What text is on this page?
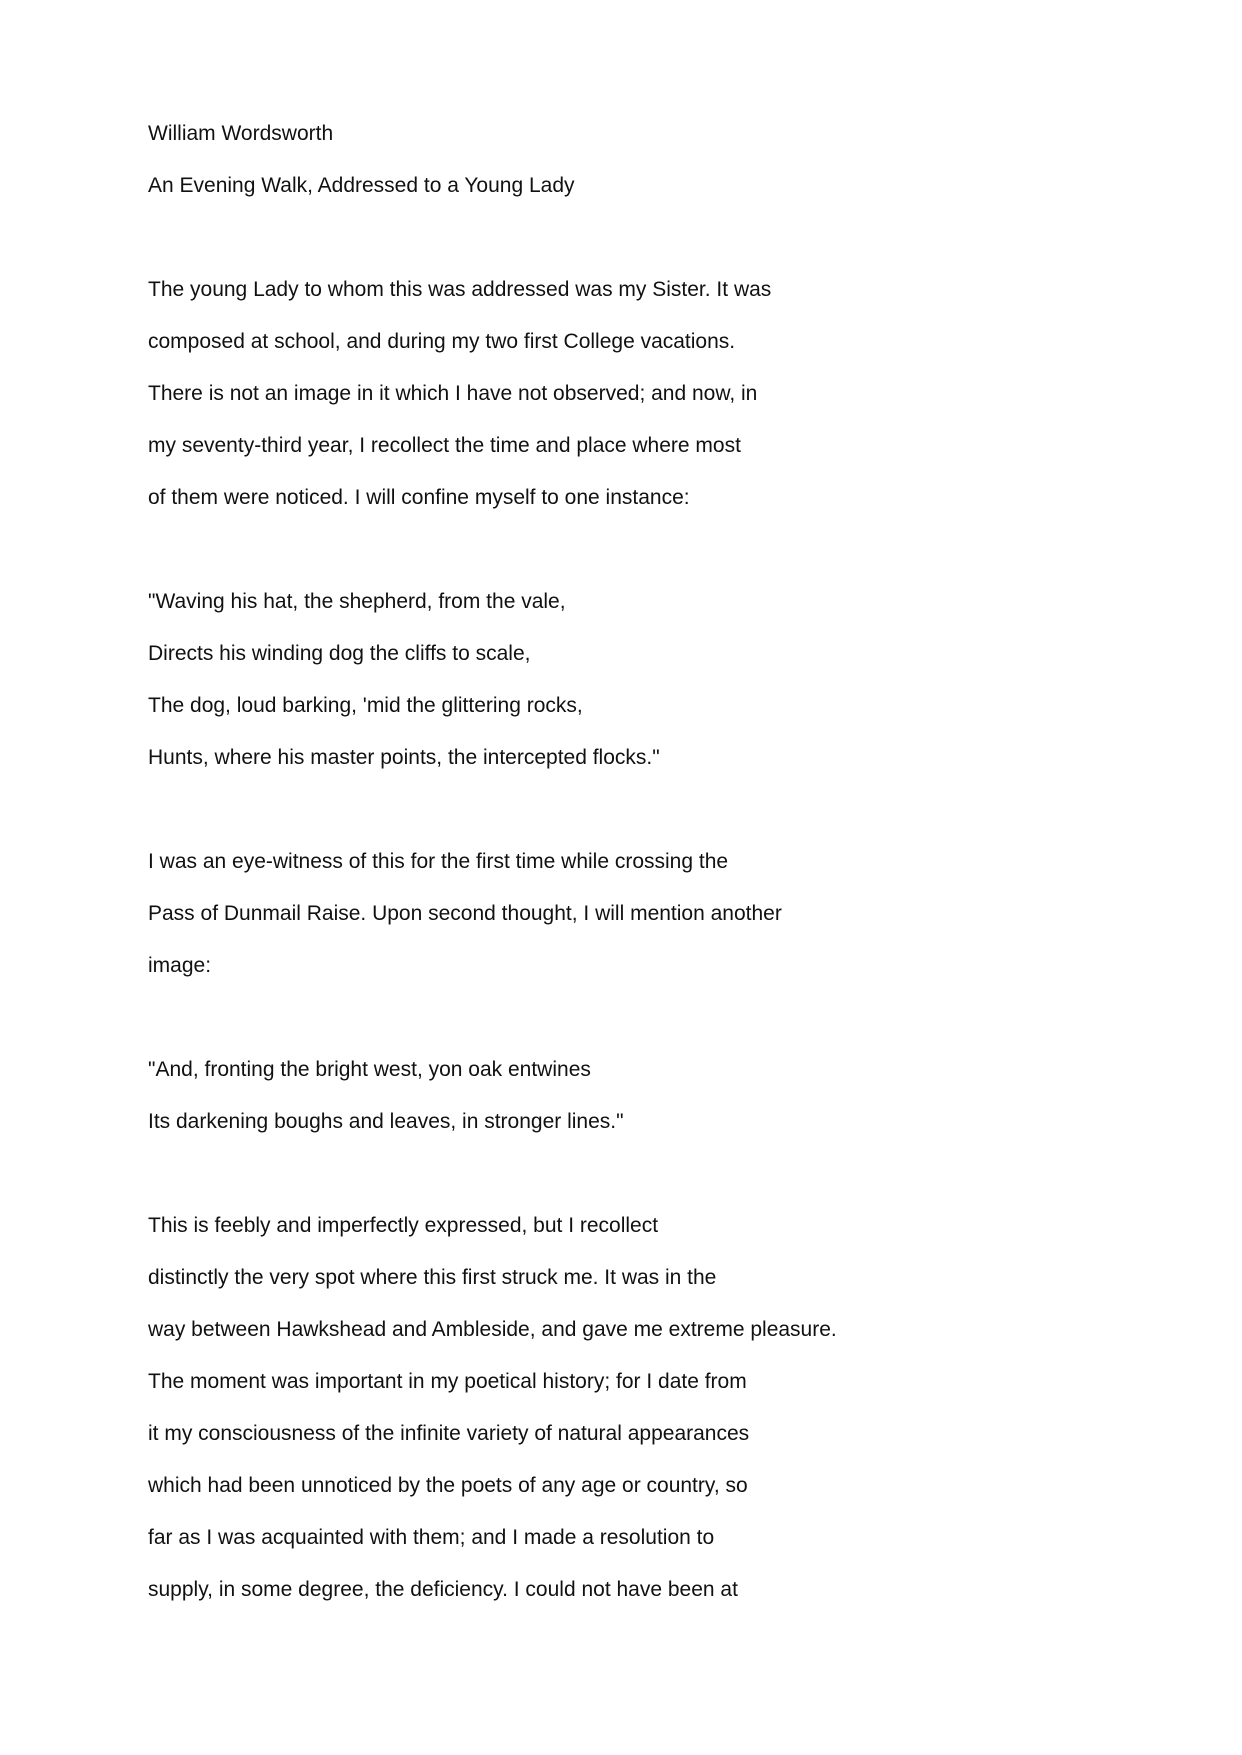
William Wordsworth
An Evening Walk, Addressed to a Young Lady
The young Lady to whom this was addressed was my Sister. It was
composed at school, and during my two first College vacations.
There is not an image in it which I have not observed; and now, in
my seventy-third year, I recollect the time and place where most
of them were noticed. I will confine myself to one instance:
"Waving his hat, the shepherd, from the vale,
Directs his winding dog the cliffs to scale,
The dog, loud barking, 'mid the glittering rocks,
Hunts, where his master points, the intercepted flocks."
I was an eye-witness of this for the first time while crossing the
Pass of Dunmail Raise. Upon second thought, I will mention another
image:
"And, fronting the bright west, yon oak entwines
Its darkening boughs and leaves, in stronger lines."
This is feebly and imperfectly expressed, but I recollect
distinctly the very spot where this first struck me. It was in the
way between Hawkshead and Ambleside, and gave me extreme pleasure.
The moment was important in my poetical history; for I date from
it my consciousness of the infinite variety of natural appearances
which had been unnoticed by the poets of any age or country, so
far as I was acquainted with them; and I made a resolution to
supply, in some degree, the deficiency. I could not have been at
